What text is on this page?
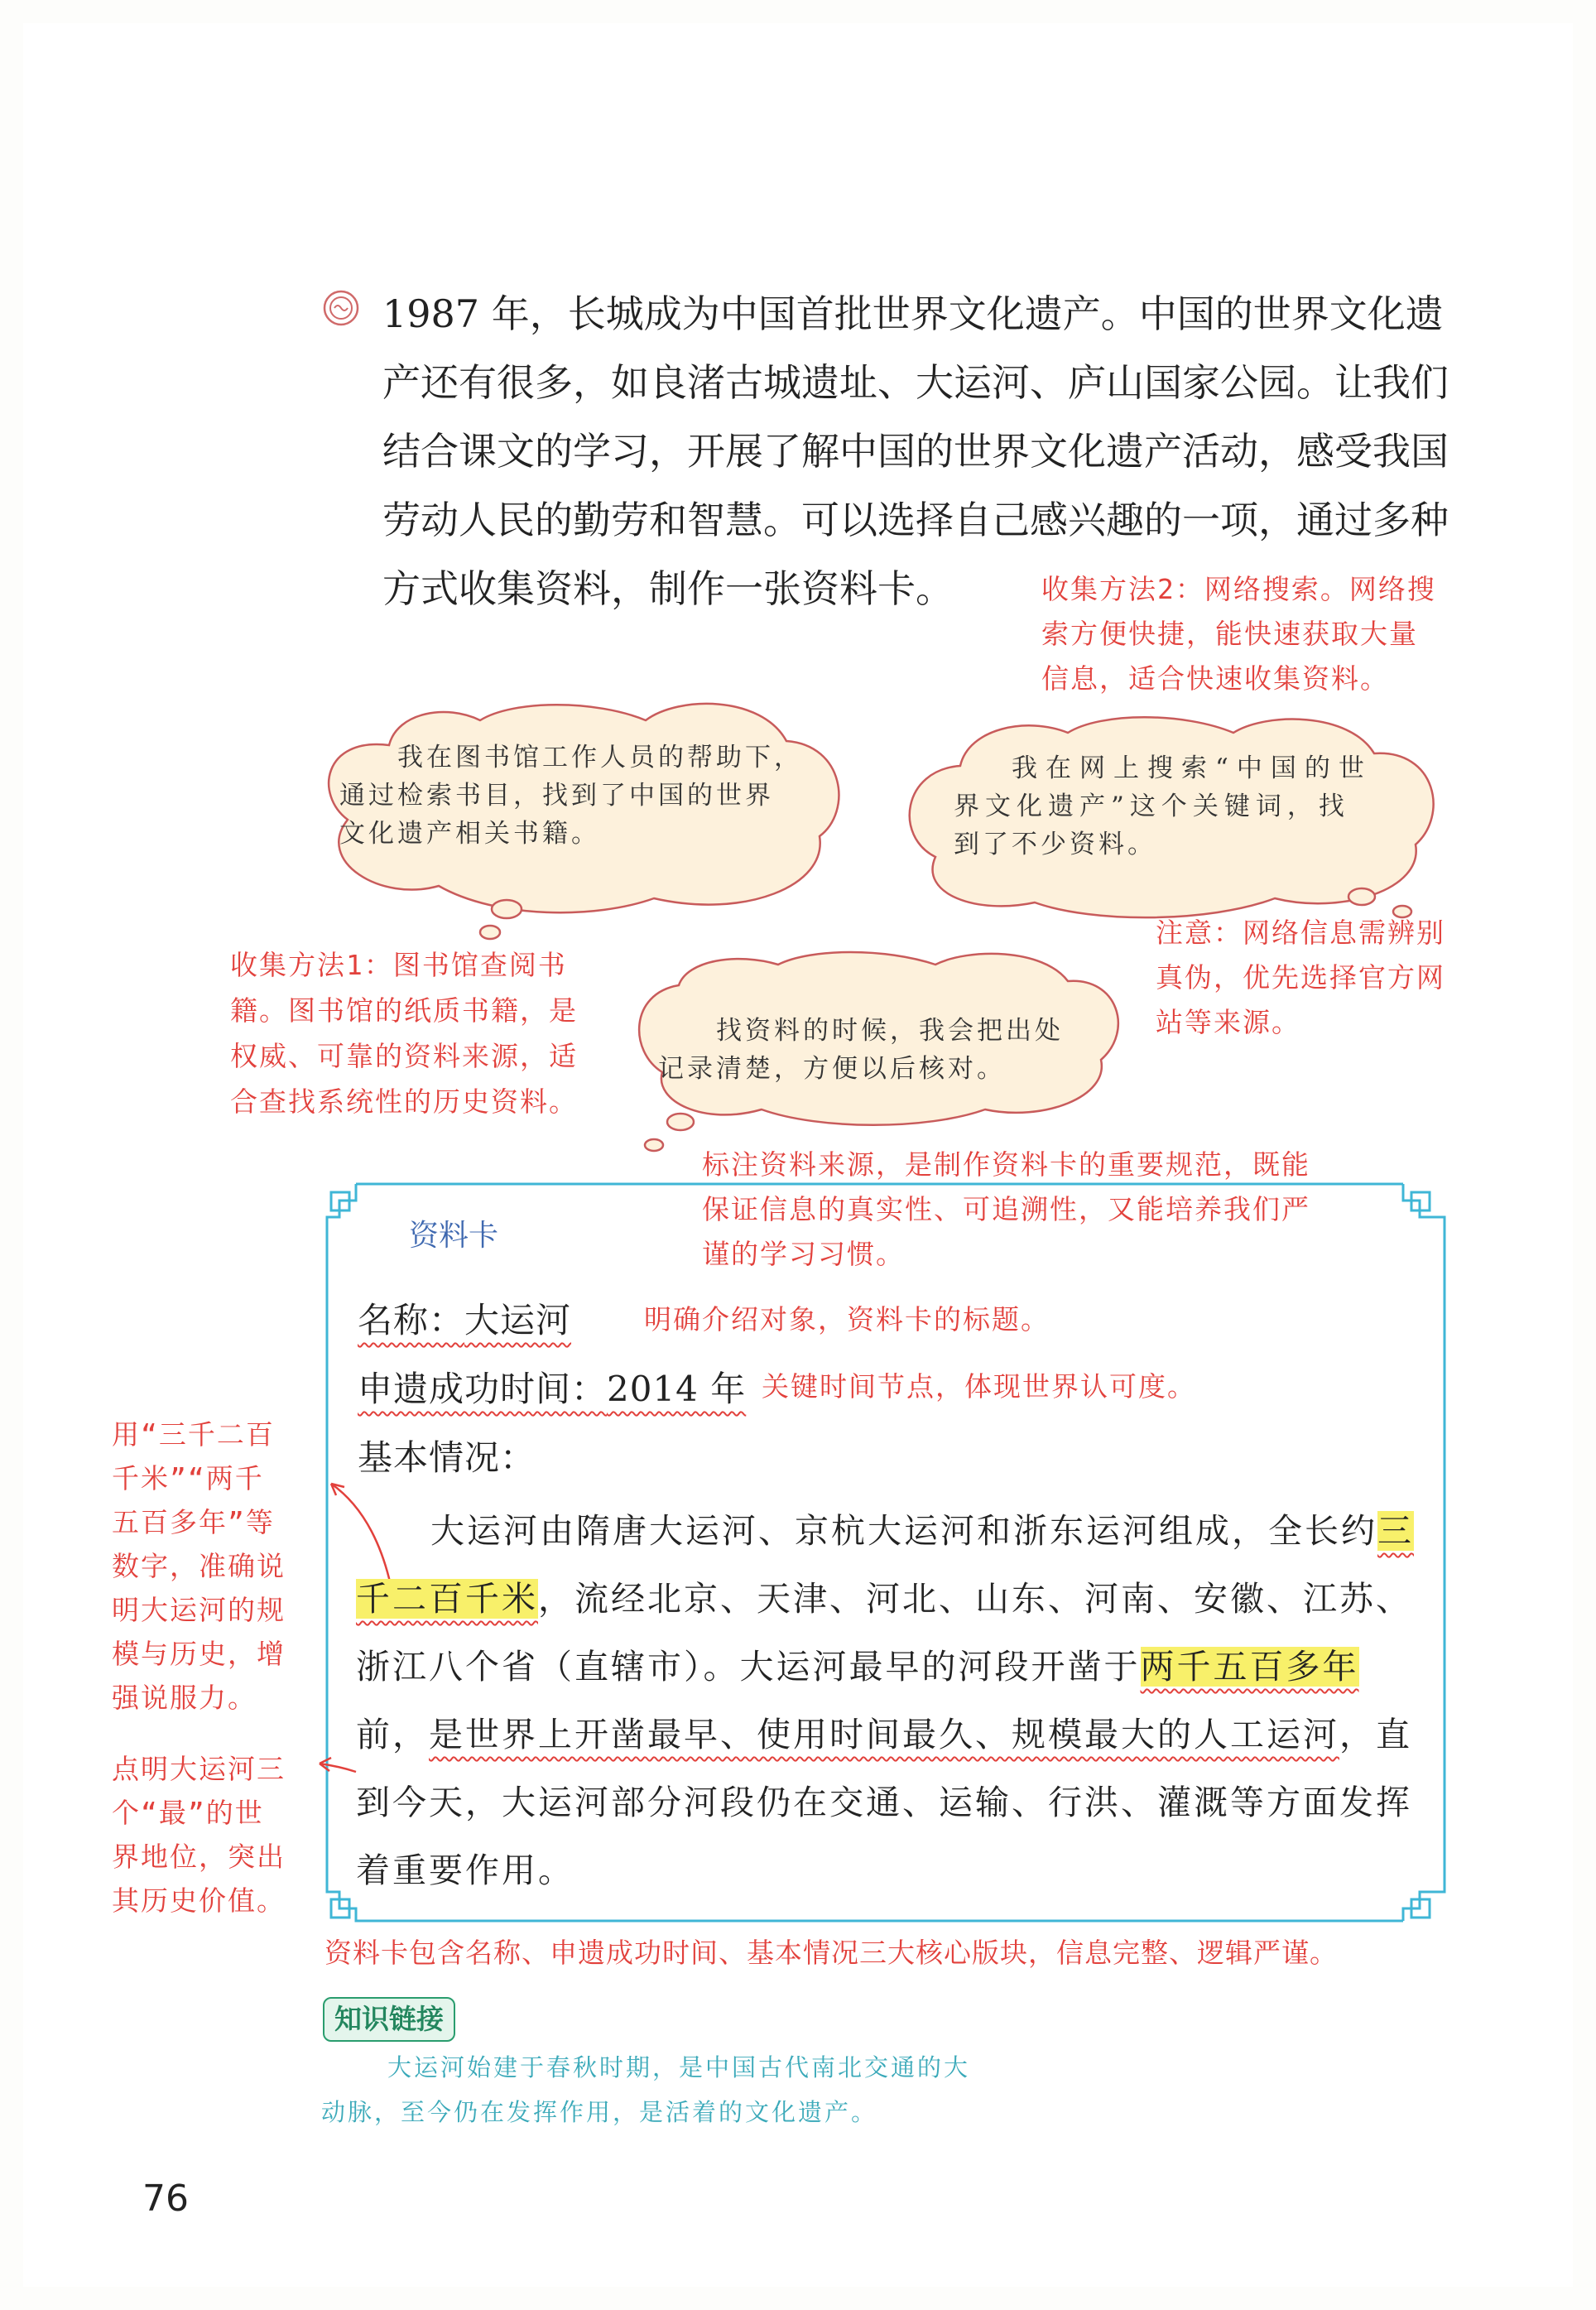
1987 年，长城成为中国首批世界文化遗产。中国的世界文化遗产还有很多，如良渚古城遗址、大运河、庐山国家公园。让我们结合课文的学习，开展了解中国的世界文化遗产活动，感受我国劳动人民的勤劳和智慧。可以选择自己感兴趣的一项，通过多种方式收集资料，制作一张资料卡。	收集方法2：网络搜索。网络搜
索方便快捷，能快速获取大量
信息，适合快速收集资料。
我在图书馆工作人员的帮助下，
通过检索书目，找到了中国的世界
文化遗产相关书籍。
我在网上搜索“中国的世
界文化遗产”这个关键词，找
到了不少资料。
找资料的时候，我会把出处
记录清楚，方便以后核对。
收集方法1：图书馆查阅书
籍。图书馆的纸质书籍，是
权威、可靠的资料来源，适
合查找系统性的历史资料。
注意：网络信息需辨别
真伪，优先选择官方网
站等来源。
标注资料来源，是制作资料卡的重要规范，既能
保证信息的真实性、可追溯性，又能培养我们严
谨的学习习惯。
资料卡
名称：大运河	明确介绍对象，资料卡的标题。
申遗成功时间：2014 年 关键时间节点，体现世界认可度。
基本情况：
大运河由隋唐大运河、京杭大运河和浙东运河组成，全长约三千二百千米，流经北京、天津、河北、山东、河南、安徽、江苏、浙江八个省（直辖市）。大运河最早的河段开凿于两千五百多年前，是世界上开凿最早、使用时间最久、规模最大的人工运河，直到今天，大运河部分河段仍在交通、运输、行洪、灌溉等方面发挥着重要作用。
用“三千二百
千米”“两千
五百多年”等
数字，准确说
明大运河的规
模与历史，增
强说服力。
点明大运河三
个“最”的世
界地位，突出
其历史价值。
资料卡包含名称、申遗成功时间、基本情况三大核心版块，信息完整、逻辑严谨。
知识链接
大运河始建于春秋时期，是中国古代南北交通的大动脉，至今仍在发挥作用，是活着的文化遗产。
76
